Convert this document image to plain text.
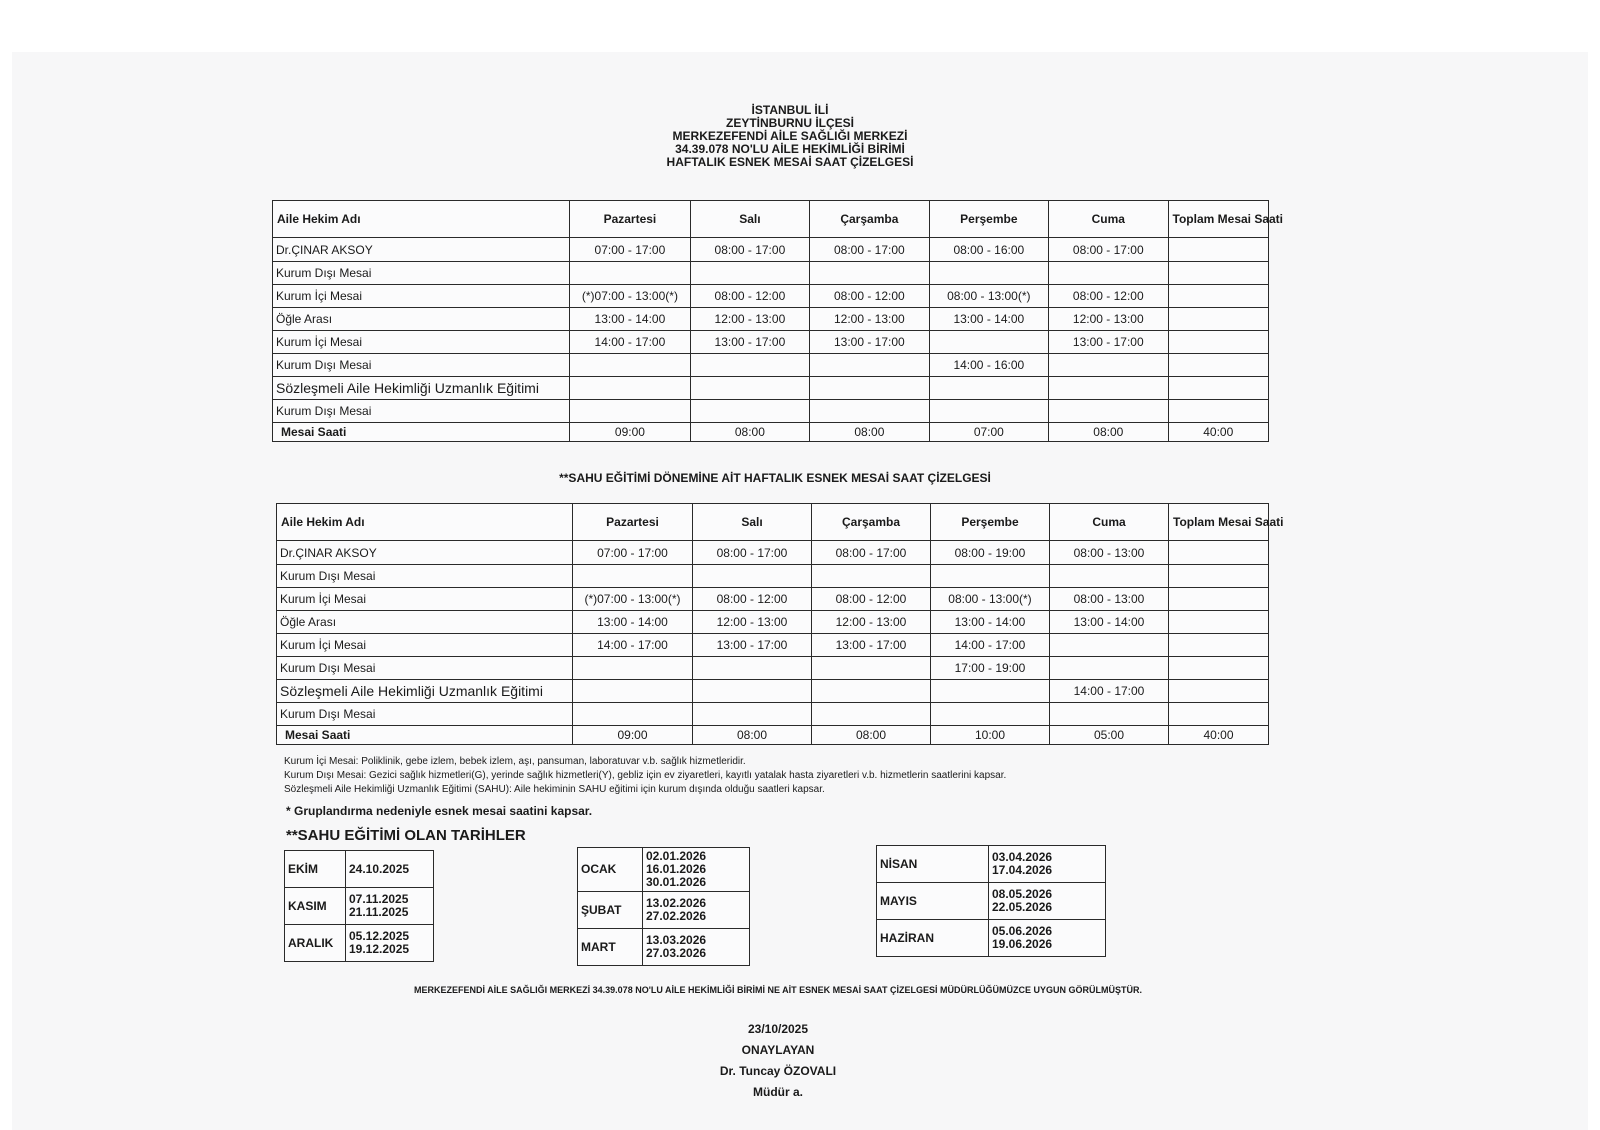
İSTANBUL İLİ
ZEYTİNBURNU İLÇESİ
MERKEZEFENDİ AİLE SAĞLIĞI MERKEZİ
34.39.078 NO'LU AİLE HEKİMLİĞİ BİRİMİ
HAFTALIK ESNEK MESAİ SAAT ÇİZELGESİ
Aile Hekim Adı	Pazartesi	Salı	Çarşamba	Perşembe	Cuma	Toplam Mesai Saati
Dr.ÇINAR AKSOY	07:00 - 17:00	08:00 - 17:00	08:00 - 17:00	08:00 - 16:00	08:00 - 17:00	
Kurum Dışı Mesai						
Kurum İçi Mesai	(*)07:00 - 13:00(*)	08:00 - 12:00	08:00 - 12:00	08:00 - 13:00(*)	08:00 - 12:00	
Öğle Arası	13:00 - 14:00	12:00 - 13:00	12:00 - 13:00	13:00 - 14:00	12:00 - 13:00	
Kurum İçi Mesai	14:00 - 17:00	13:00 - 17:00	13:00 - 17:00		13:00 - 17:00	
Kurum Dışı Mesai				14:00 - 16:00		
Sözleşmeli Aile Hekimliği Uzmanlık Eğitimi						
Kurum Dışı Mesai						
Mesai Saati	09:00	08:00	08:00	07:00	08:00	40:00
**SAHU EĞİTİMİ DÖNEMİNE AİT HAFTALIK ESNEK MESAİ SAAT ÇİZELGESİ
Aile Hekim Adı	Pazartesi	Salı	Çarşamba	Perşembe	Cuma	Toplam Mesai Saati
Dr.ÇINAR AKSOY	07:00 - 17:00	08:00 - 17:00	08:00 - 17:00	08:00 - 19:00	08:00 - 13:00	
Kurum Dışı Mesai						
Kurum İçi Mesai	(*)07:00 - 13:00(*)	08:00 - 12:00	08:00 - 12:00	08:00 - 13:00(*)	08:00 - 13:00	
Öğle Arası	13:00 - 14:00	12:00 - 13:00	12:00 - 13:00	13:00 - 14:00	13:00 - 14:00	
Kurum İçi Mesai	14:00 - 17:00	13:00 - 17:00	13:00 - 17:00	14:00 - 17:00		
Kurum Dışı Mesai				17:00 - 19:00		
Sözleşmeli Aile Hekimliği Uzmanlık Eğitimi					14:00 - 17:00	
Kurum Dışı Mesai						
Mesai Saati	09:00	08:00	08:00	10:00	05:00	40:00
Kurum İçi Mesai: Poliklinik, gebe izlem, bebek izlem, aşı, pansuman, laboratuvar v.b. sağlık hizmetleridir.
Kurum Dışı Mesai: Gezici sağlık hizmetleri(G), yerinde sağlık hizmetleri(Y), gebliz için ev ziyaretleri, kayıtlı yatalak hasta ziyaretleri v.b. hizmetlerin saatlerini kapsar.
Sözleşmeli Aile Hekimliği Uzmanlık Eğitimi (SAHU): Aile hekiminin SAHU eğitimi için kurum dışında olduğu saatleri kapsar.
* Gruplandırma nedeniyle esnek mesai saatini kapsar.
**SAHU EĞİTİMİ OLAN TARİHLER
EKİM	24.10.2025

KASIM	07.11.2025
21.11.2025

ARALIK	05.12.2025
19.12.2025
OCAK	02.01.2026
16.01.2026
30.01.2026

ŞUBAT	13.02.2026
27.02.2026

MART	13.03.2026
27.03.2026
NİSAN	03.04.2026
17.04.2026

MAYIS	08.05.2026
22.05.2026

HAZİRAN	05.06.2026
19.06.2026
MERKEZEFENDİ AİLE SAĞLIĞI MERKEZİ 34.39.078 NO'LU AİLE HEKİMLİĞİ BİRİMİ NE AİT ESNEK MESAİ SAAT ÇİZELGESİ MÜDÜRLÜĞÜMÜZCE UYGUN GÖRÜLMÜŞTÜR.
23/10/2025
ONAYLAYAN
Dr. Tuncay ÖZOVALI
Müdür a.
